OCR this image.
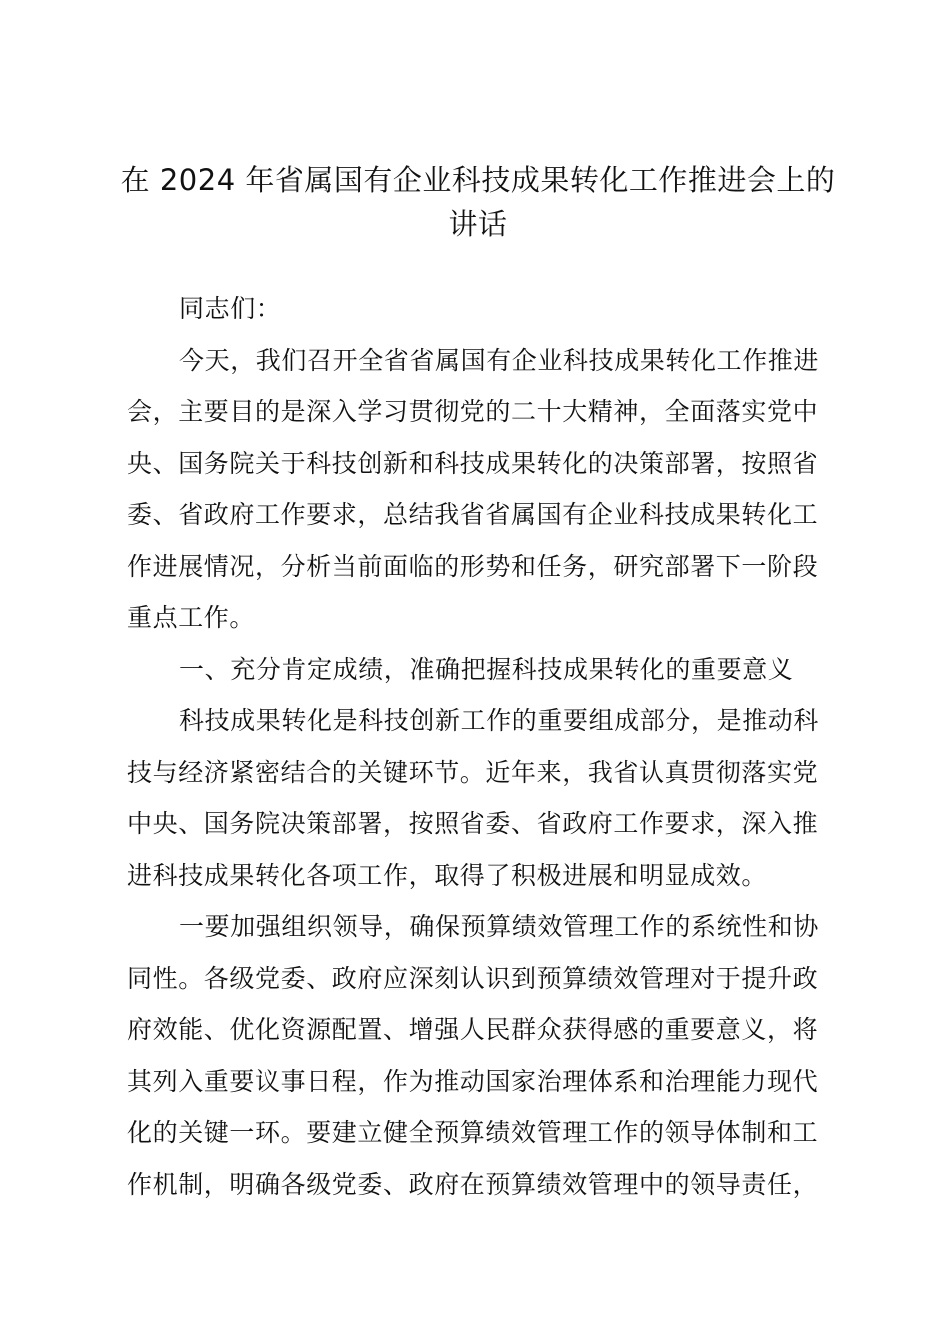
在 2024 年省属国有企业科技成果转化工作推进会上的
讲话
同志们：
今天，我们召开全省省属国有企业科技成果转化工作推进
会，主要目的是深入学习贯彻党的二十大精神，全面落实党中
央、国务院关于科技创新和科技成果转化的决策部署，按照省
委、省政府工作要求，总结我省省属国有企业科技成果转化工
作进展情况，分析当前面临的形势和任务，研究部署下一阶段
重点工作。
一、充分肯定成绩，准确把握科技成果转化的重要意义
科技成果转化是科技创新工作的重要组成部分，是推动科
技与经济紧密结合的关键环节。近年来，我省认真贯彻落实党
中央、国务院决策部署，按照省委、省政府工作要求，深入推
进科技成果转化各项工作，取得了积极进展和明显成效。
一要加强组织领导，确保预算绩效管理工作的系统性和协
同性。各级党委、政府应深刻认识到预算绩效管理对于提升政
府效能、优化资源配置、增强人民群众获得感的重要意义，将
其列入重要议事日程，作为推动国家治理体系和治理能力现代
化的关键一环。要建立健全预算绩效管理工作的领导体制和工
作机制，明确各级党委、政府在预算绩效管理中的领导责任，
